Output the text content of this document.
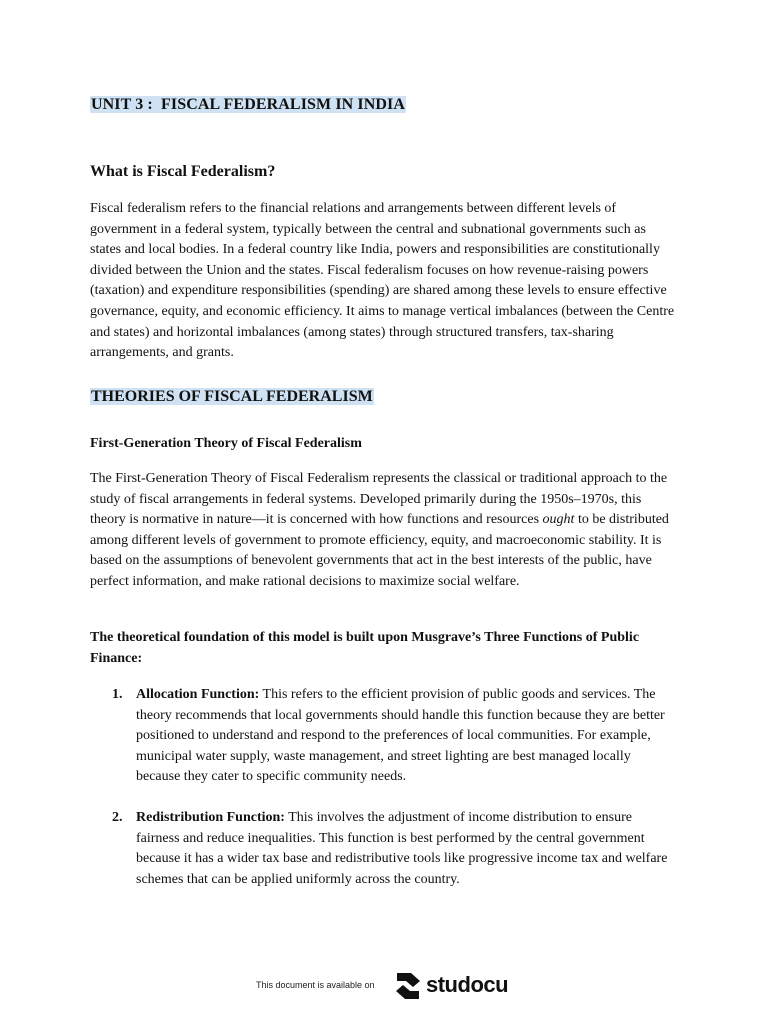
UNIT 3 :  FISCAL FEDERALISM IN INDIA
What is Fiscal Federalism?

Fiscal federalism refers to the financial relations and arrangements between different levels of government in a federal system, typically between the central and subnational governments such as states and local bodies. In a federal country like India, powers and responsibilities are constitutionally divided between the Union and the states. Fiscal federalism focuses on how revenue-raising powers (taxation) and expenditure responsibilities (spending) are shared among these levels to ensure effective governance, equity, and economic efficiency. It aims to manage vertical imbalances (between the Centre and states) and horizontal imbalances (among states) through structured transfers, tax-sharing arrangements, and grants.

THEORIES OF FISCAL FEDERALISM
First-Generation Theory of Fiscal Federalism

The First-Generation Theory of Fiscal Federalism represents the classical or traditional approach to the study of fiscal arrangements in federal systems. Developed primarily during the 1950s–1970s, this theory is normative in nature—it is concerned with how functions and resources ought to be distributed among different levels of government to promote efficiency, equity, and macroeconomic stability. It is based on the assumptions of benevolent governments that act in the best interests of the public, have perfect information, and make rational decisions to maximize social welfare.

The theoretical foundation of this model is built upon Musgrave’s Three Functions of Public Finance:

1. Allocation Function: This refers to the efficient provision of public goods and services. The theory recommends that local governments should handle this function because they are better positioned to understand and respond to the preferences of local communities. For example, municipal water supply, waste management, and street lighting are best managed locally because they cater to specific community needs.
2. Redistribution Function: This involves the adjustment of income distribution to ensure fairness and reduce inequalities. This function is best performed by the central government because it has a wider tax base and redistributive tools like progressive income tax and welfare schemes that can be applied uniformly across the country.
This document is available on studocu
